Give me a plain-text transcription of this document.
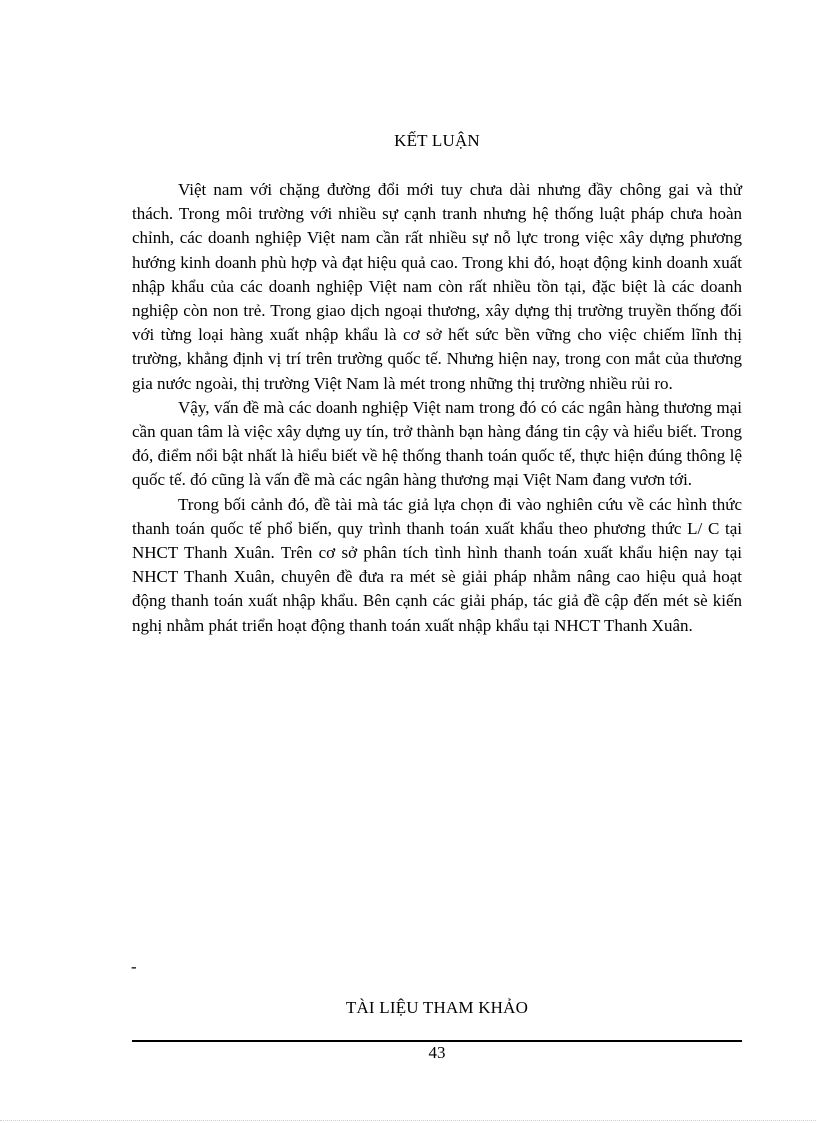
KẾT LUẬN

Việt nam với chặng đường đổi mới tuy chưa dài nhưng đầy chông gai và thử thách. Trong môi trường với nhiều sự cạnh tranh nhưng hệ thống luật pháp chưa hoàn chỉnh, các doanh nghiệp Việt nam cần rất nhiều sự nỗ lực trong việc xây dựng phương hướng kinh doanh phù hợp và đạt hiệu quả cao. Trong khi đó, hoạt động kinh doanh xuất nhập khẩu của các doanh nghiệp Việt nam còn rất nhiều tồn tại, đặc biệt là các doanh nghiệp còn non trẻ. Trong giao dịch ngoại thương, xây dựng thị trường truyền thống đối với từng loại hàng xuất nhập khẩu là cơ sở hết sức bền vững cho việc chiếm lĩnh thị trường, khẳng định vị trí trên trường quốc tế. Nhưng hiện nay, trong con mắt của thương gia nước ngoài, thị trường Việt Nam là mét trong những thị trường nhiều rủi ro.

Vậy, vấn đề mà các doanh nghiệp Việt nam trong đó có các ngân hàng thương mại cần quan tâm là việc xây dựng uy tín, trở thành bạn hàng đáng tin cậy và hiểu biết. Trong đó, điểm nổi bật nhất là hiểu biết về hệ thống thanh toán quốc tế, thực hiện đúng thông lệ quốc tế. đó cũng là vấn đề mà các ngân hàng thương mại Việt Nam đang vươn tới.

Trong bối cảnh đó, đề tài mà tác giả lựa chọn đi vào nghiên cứu về các hình thức thanh toán quốc tế phổ biến, quy trình thanh toán xuất khẩu theo phương thức L/ C tại NHCT Thanh Xuân. Trên cơ sở phân tích tình hình thanh toán xuất khẩu hiện nay tại NHCT Thanh Xuân, chuyên đề đưa ra mét sè giải pháp nhằm nâng cao hiệu quả hoạt động thanh toán xuất nhập khẩu. Bên cạnh các giải pháp, tác giả đề cập đến mét sè kiến nghị nhằm phát triển hoạt động thanh toán xuất nhập khẩu tại NHCT Thanh Xuân.

-
TÀI LIỆU THAM KHẢO
43
